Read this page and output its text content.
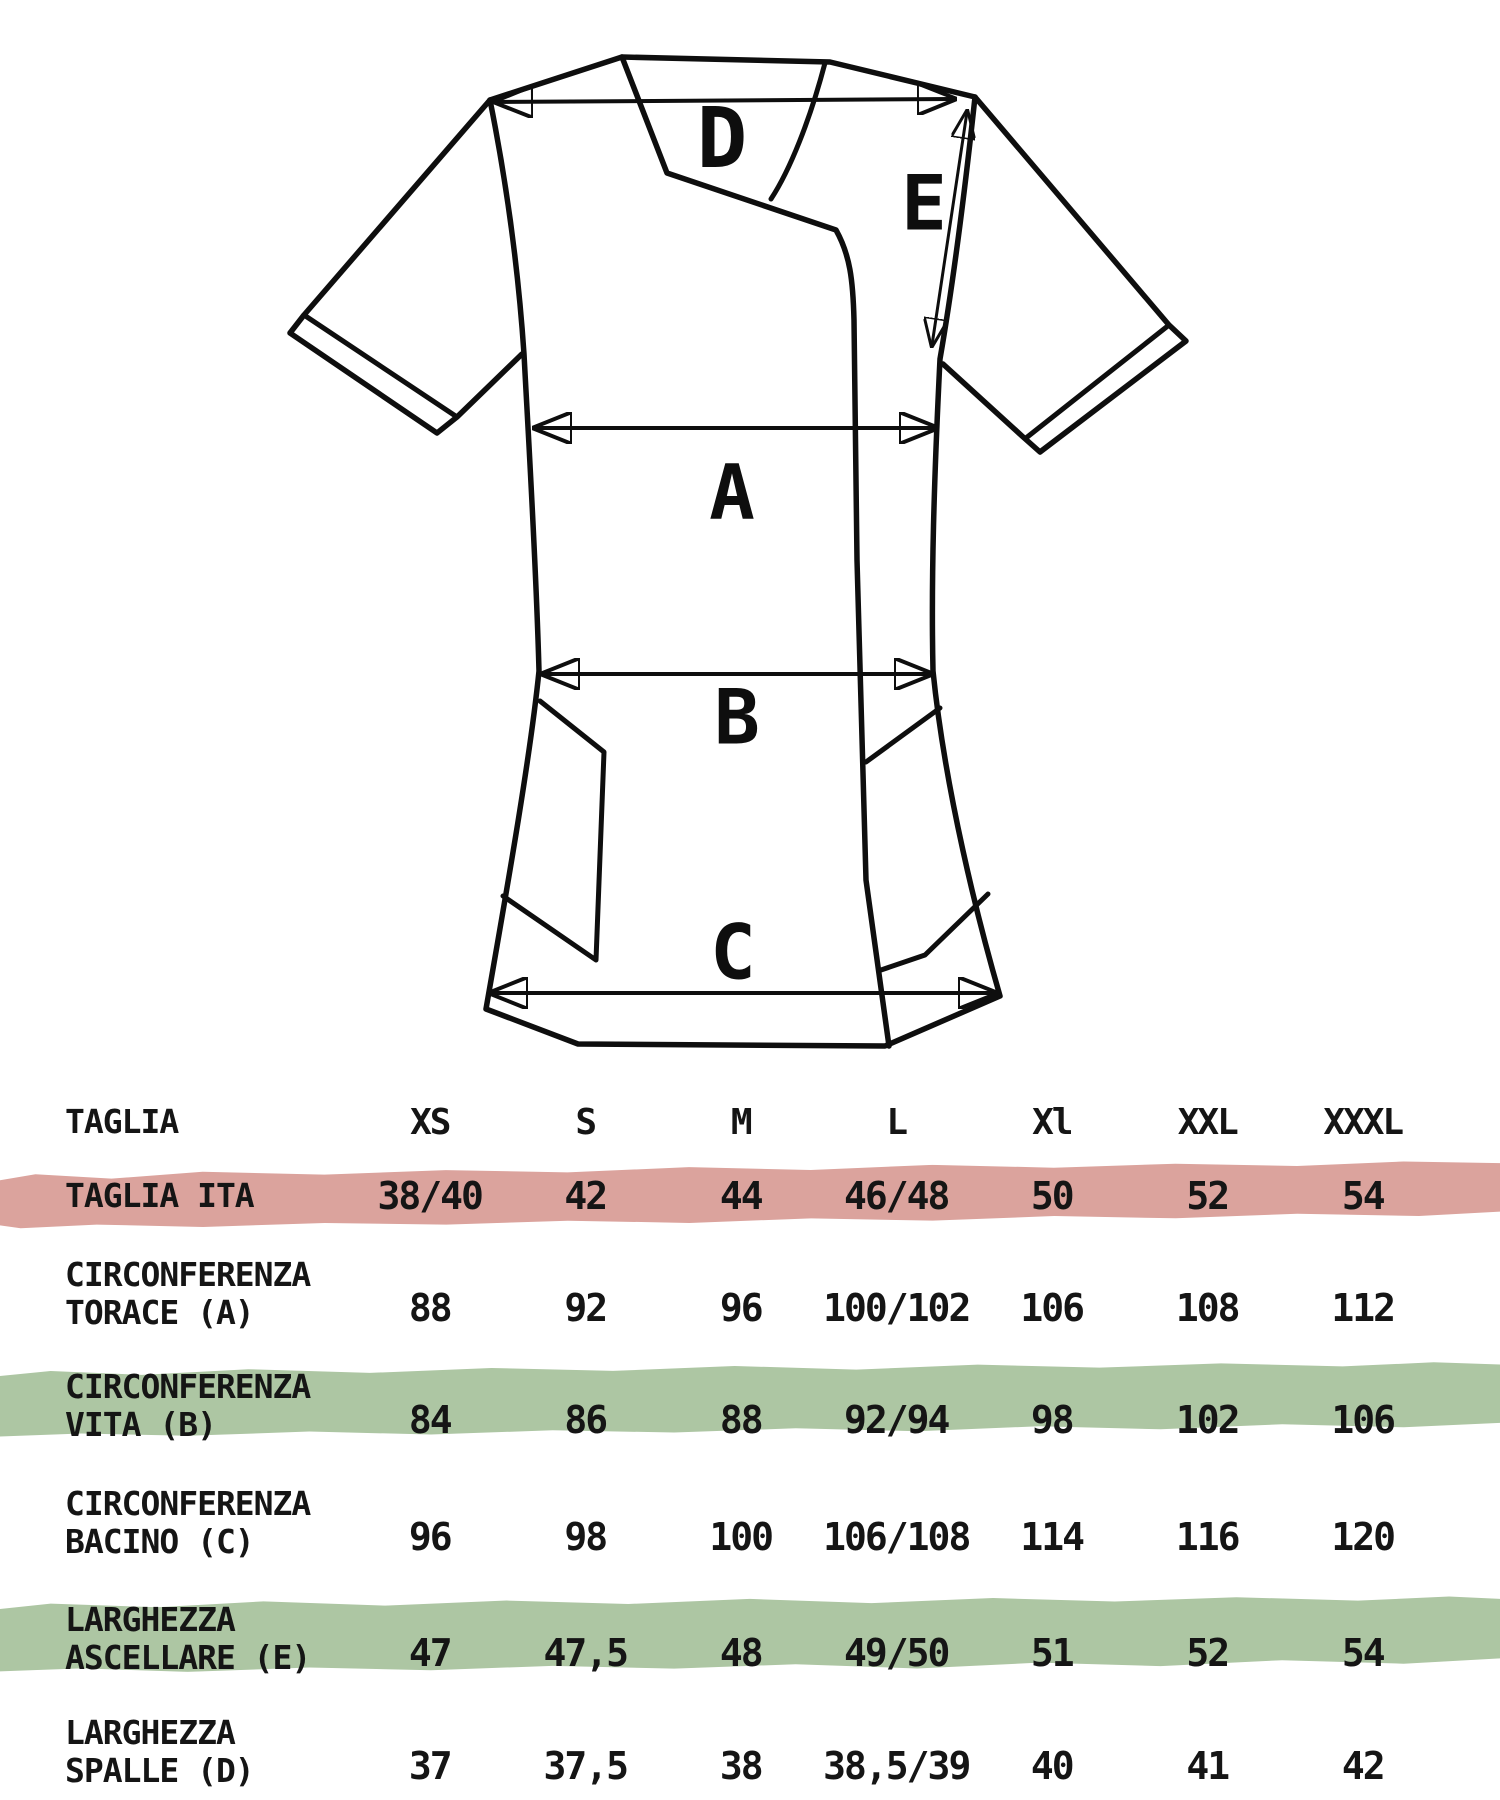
D
E
A
B
C
TAGLIA	XS	S	M	L	Xl	XXL	XXXL
TAGLIA ITA	38/40	42	44	46/48	50	52	54
CIRCONFERENZA
TORACE (A)	88	92	96	100/102	106	108	112
CIRCONFERENZA
VITA (B)	84	86	88	92/94	98	102	106
CIRCONFERENZA
BACINO (C)	96	98	100	106/108	114	116	120
LARGHEZZA
ASCELLARE (E)	47	47,5	48	49/50	51	52	54
LARGHEZZA
SPALLE (D)	37	37,5	38	38,5/39	40	41	42
